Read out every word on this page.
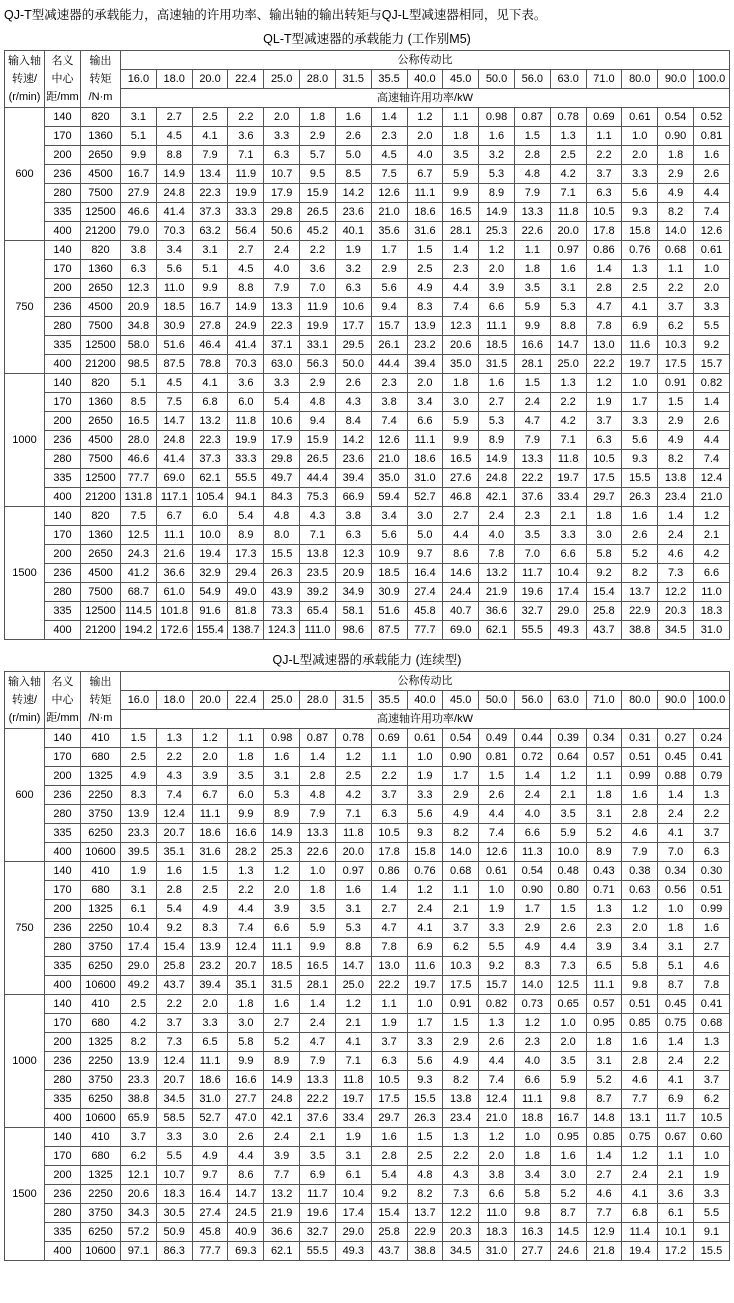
QJ-T型减速器的承载能力，高速轴的许用功率、输出轴的输出转矩与QJ-L型减速器相同，见下表。
QL-T型减速器的承载能力 (工作别M5)
输入轴
转速/
(r/min)

名义
中心
距/mm

输出
转矩
/N·m
	公称传动比
			16.0	18.0	20.0	22.4	25.0	28.0	31.5	35.5	40.0	45.0	50.0	56.0	63.0	71.0	80.0	90.0	100.0
			高速轴许用功率/kW																
600	140	820	3.1	2.7	2.5	2.2	2.0	1.8	1.6	1.4	1.2	1.1	0.98	0.87	0.78	0.69	0.61	0.54	0.52
	170	1360	5.1	4.5	4.1	3.6	3.3	2.9	2.6	2.3	2.0	1.8	1.6	1.5	1.3	1.1	1.0	0.90	0.81
	200	2650	9.9	8.8	7.9	7.1	6.3	5.7	5.0	4.5	4.0	3.5	3.2	2.8	2.5	2.2	2.0	1.8	1.6
	236	4500	16.7	14.9	13.4	11.9	10.7	9.5	8.5	7.5	6.7	5.9	5.3	4.8	4.2	3.7	3.3	2.9	2.6
	280	7500	27.9	24.8	22.3	19.9	17.9	15.9	14.2	12.6	11.1	9.9	8.9	7.9	7.1	6.3	5.6	4.9	4.4
	335	12500	46.6	41.4	37.3	33.3	29.8	26.5	23.6	21.0	18.6	16.5	14.9	13.3	11.8	10.5	9.3	8.2	7.4
	400	21200	79.0	70.3	63.2	56.4	50.6	45.2	40.1	35.6	31.6	28.1	25.3	22.6	20.0	17.8	15.8	14.0	12.6
750	140	820	3.8	3.4	3.1	2.7	2.4	2.2	1.9	1.7	1.5	1.4	1.2	1.1	0.97	0.86	0.76	0.68	0.61
	170	1360	6.3	5.6	5.1	4.5	4.0	3.6	3.2	2.9	2.5	2.3	2.0	1.8	1.6	1.4	1.3	1.1	1.0
	200	2650	12.3	11.0	9.9	8.8	7.9	7.0	6.3	5.6	4.9	4.4	3.9	3.5	3.1	2.8	2.5	2.2	2.0
	236	4500	20.9	18.5	16.7	14.9	13.3	11.9	10.6	9.4	8.3	7.4	6.6	5.9	5.3	4.7	4.1	3.7	3.3
	280	7500	34.8	30.9	27.8	24.9	22.3	19.9	17.7	15.7	13.9	12.3	11.1	9.9	8.8	7.8	6.9	6.2	5.5
	335	12500	58.0	51.6	46.4	41.4	37.1	33.1	29.5	26.1	23.2	20.6	18.5	16.6	14.7	13.0	11.6	10.3	9.2
	400	21200	98.5	87.5	78.8	70.3	63.0	56.3	50.0	44.4	39.4	35.0	31.5	28.1	25.0	22.2	19.7	17.5	15.7
1000	140	820	5.1	4.5	4.1	3.6	3.3	2.9	2.6	2.3	2.0	1.8	1.6	1.5	1.3	1.2	1.0	0.91	0.82
	170	1360	8.5	7.5	6.8	6.0	5.4	4.8	4.3	3.8	3.4	3.0	2.7	2.4	2.2	1.9	1.7	1.5	1.4
	200	2650	16.5	14.7	13.2	11.8	10.6	9.4	8.4	7.4	6.6	5.9	5.3	4.7	4.2	3.7	3.3	2.9	2.6
	236	4500	28.0	24.8	22.3	19.9	17.9	15.9	14.2	12.6	11.1	9.9	8.9	7.9	7.1	6.3	5.6	4.9	4.4
	280	7500	46.6	41.4	37.3	33.3	29.8	26.5	23.6	21.0	18.6	16.5	14.9	13.3	11.8	10.5	9.3	8.2	7.4
	335	12500	77.7	69.0	62.1	55.5	49.7	44.4	39.4	35.0	31.0	27.6	24.8	22.2	19.7	17.5	15.5	13.8	12.4
	400	21200	131.8	117.1	105.4	94.1	84.3	75.3	66.9	59.4	52.7	46.8	42.1	37.6	33.4	29.7	26.3	23.4	21.0
1500	140	820	7.5	6.7	6.0	5.4	4.8	4.3	3.8	3.4	3.0	2.7	2.4	2.3	2.1	1.8	1.6	1.4	1.2
	170	1360	12.5	11.1	10.0	8.9	8.0	7.1	6.3	5.6	5.0	4.4	4.0	3.5	3.3	3.0	2.6	2.4	2.1
	200	2650	24.3	21.6	19.4	17.3	15.5	13.8	12.3	10.9	9.7	8.6	7.8	7.0	6.6	5.8	5.2	4.6	4.2
	236	4500	41.2	36.6	32.9	29.4	26.3	23.5	20.9	18.5	16.4	14.6	13.2	11.7	10.4	9.2	8.2	7.3	6.6
	280	7500	68.7	61.0	54.9	49.0	43.9	39.2	34.9	30.9	27.4	24.4	21.9	19.6	17.4	15.4	13.7	12.2	11.0
	335	12500	114.5	101.8	91.6	81.8	73.3	65.4	58.1	51.6	45.8	40.7	36.6	32.7	29.0	25.8	22.9	20.3	18.3
	400	21200	194.2	172.6	155.4	138.7	124.3	111.0	98.6	87.5	77.7	69.0	62.1	55.5	49.3	43.7	38.8	34.5	31.0
QJ-L型减速器的承载能力 (连续型)
输入轴
转速/
(r/min)

名义
中心
距/mm

输出
转矩
/N·m
	公称传动比
			16.0	18.0	20.0	22.4	25.0	28.0	31.5	35.5	40.0	45.0	50.0	56.0	63.0	71.0	80.0	90.0	100.0
			高速轴许用功率/kW																
600	140	410	1.5	1.3	1.2	1.1	0.98	0.87	0.78	0.69	0.61	0.54	0.49	0.44	0.39	0.34	0.31	0.27	0.24
	170	680	2.5	2.2	2.0	1.8	1.6	1.4	1.2	1.1	1.0	0.90	0.81	0.72	0.64	0.57	0.51	0.45	0.41
	200	1325	4.9	4.3	3.9	3.5	3.1	2.8	2.5	2.2	1.9	1.7	1.5	1.4	1.2	1.1	0.99	0.88	0.79
	236	2250	8.3	7.4	6.7	6.0	5.3	4.8	4.2	3.7	3.3	2.9	2.6	2.4	2.1	1.8	1.6	1.4	1.3
	280	3750	13.9	12.4	11.1	9.9	8.9	7.9	7.1	6.3	5.6	4.9	4.4	4.0	3.5	3.1	2.8	2.4	2.2
	335	6250	23.3	20.7	18.6	16.6	14.9	13.3	11.8	10.5	9.3	8.2	7.4	6.6	5.9	5.2	4.6	4.1	3.7
	400	10600	39.5	35.1	31.6	28.2	25.3	22.6	20.0	17.8	15.8	14.0	12.6	11.3	10.0	8.9	7.9	7.0	6.3
750	140	410	1.9	1.6	1.5	1.3	1.2	1.0	0.97	0.86	0.76	0.68	0.61	0.54	0.48	0.43	0.38	0.34	0.30
	170	680	3.1	2.8	2.5	2.2	2.0	1.8	1.6	1.4	1.2	1.1	1.0	0.90	0.80	0.71	0.63	0.56	0.51
	200	1325	6.1	5.4	4.9	4.4	3.9	3.5	3.1	2.7	2.4	2.1	1.9	1.7	1.5	1.3	1.2	1.0	0.99
	236	2250	10.4	9.2	8.3	7.4	6.6	5.9	5.3	4.7	4.1	3.7	3.3	2.9	2.6	2.3	2.0	1.8	1.6
	280	3750	17.4	15.4	13.9	12.4	11.1	9.9	8.8	7.8	6.9	6.2	5.5	4.9	4.4	3.9	3.4	3.1	2.7
	335	6250	29.0	25.8	23.2	20.7	18.5	16.5	14.7	13.0	11.6	10.3	9.2	8.3	7.3	6.5	5.8	5.1	4.6
	400	10600	49.2	43.7	39.4	35.1	31.5	28.1	25.0	22.2	19.7	17.5	15.7	14.0	12.5	11.1	9.8	8.7	7.8
1000	140	410	2.5	2.2	2.0	1.8	1.6	1.4	1.2	1.1	1.0	0.91	0.82	0.73	0.65	0.57	0.51	0.45	0.41
	170	680	4.2	3.7	3.3	3.0	2.7	2.4	2.1	1.9	1.7	1.5	1.3	1.2	1.0	0.95	0.85	0.75	0.68
	200	1325	8.2	7.3	6.5	5.8	5.2	4.7	4.1	3.7	3.3	2.9	2.6	2.3	2.0	1.8	1.6	1.4	1.3
	236	2250	13.9	12.4	11.1	9.9	8.9	7.9	7.1	6.3	5.6	4.9	4.4	4.0	3.5	3.1	2.8	2.4	2.2
	280	3750	23.3	20.7	18.6	16.6	14.9	13.3	11.8	10.5	9.3	8.2	7.4	6.6	5.9	5.2	4.6	4.1	3.7
	335	6250	38.8	34.5	31.0	27.7	24.8	22.2	19.7	17.5	15.5	13.8	12.4	11.1	9.8	8.7	7.7	6.9	6.2
	400	10600	65.9	58.5	52.7	47.0	42.1	37.6	33.4	29.7	26.3	23.4	21.0	18.8	16.7	14.8	13.1	11.7	10.5
1500	140	410	3.7	3.3	3.0	2.6	2.4	2.1	1.9	1.6	1.5	1.3	1.2	1.0	0.95	0.85	0.75	0.67	0.60
	170	680	6.2	5.5	4.9	4.4	3.9	3.5	3.1	2.8	2.5	2.2	2.0	1.8	1.6	1.4	1.2	1.1	1.0
	200	1325	12.1	10.7	9.7	8.6	7.7	6.9	6.1	5.4	4.8	4.3	3.8	3.4	3.0	2.7	2.4	2.1	1.9
	236	2250	20.6	18.3	16.4	14.7	13.2	11.7	10.4	9.2	8.2	7.3	6.6	5.8	5.2	4.6	4.1	3.6	3.3
	280	3750	34.3	30.5	27.4	24.5	21.9	19.6	17.4	15.4	13.7	12.2	11.0	9.8	8.7	7.7	6.8	6.1	5.5
	335	6250	57.2	50.9	45.8	40.9	36.6	32.7	29.0	25.8	22.9	20.3	18.3	16.3	14.5	12.9	11.4	10.1	9.1
	400	10600	97.1	86.3	77.7	69.3	62.1	55.5	49.3	43.7	38.8	34.5	31.0	27.7	24.6	21.8	19.4	17.2	15.5
